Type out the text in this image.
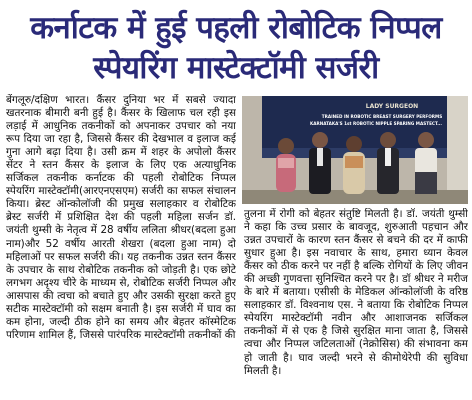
कर्नाटक में हुई पहली रोबोटिक निप्पल
स्पेयरिंग मास्टेक्टॉमी सर्जरी
बेंगलूरु/दक्षिण भारत। कैंसर दुनिया भर में सबसे ज्यादा खतरनाक बीमारी बनी हुई है। कैंसर के खिलाफ चल रही इस लड़ाई में आधुनिक तकनीकों को अपनाकर उपचार को नया रूप दिया जा रहा है, जिससे कैंसर की देखभाल व इलाज कई गुना आगे बढ़ा दिया है। उसी क्रम में शहर के अपोलो कैंसर सेंटर ने स्तन कैंसर के इलाज के लिए एक अत्याधुनिक सर्जिकल तकनीक कर्नाटक की पहली रोबोटिक निप्पल स्पेयरिंग मास्टेक्टॉमी(आरएनएसएम) सर्जरी का सफल संचालन किया। ब्रेस्ट ऑन्कोलॉजी की प्रमुख सलाहकार व रोबोटिक ब्रेस्ट सर्जरी में प्रशिक्षित देश की पहली महिला सर्जन डॉ. जयंती थुम्सी के नेतृत्व में 28 वर्षीय ललिता श्रीधर(बदला हुआ नाम)और 52 वर्षीय आरती शेखरा (बदला हुआ नाम) दो महिलाओं पर सफल सर्जरी की। यह तकनीक उन्नत स्तन कैंसर के उपचार के साथ रोबोटिक तकनीक को जोड़ती है। एक छोटे लगभग अदृश्य चीरे के माध्यम से, रोबोटिक सर्जरी निप्पल और आसपास की त्वचा को बचाते हुए और उसकी सुरक्षा करते हुए सटीक मास्टेक्टॉमी को सक्षम बनाती है। इस सर्जरी में घाव का कम होना, जल्दी ठीक होने का समय और बेहतर कॉस्मेटिक परिणाम शामिल हैं, जिससे पारंपरिक मास्टेक्टॉमी तकनीकों की
LADY SURGEON
TRAINED IN ROBOTIC BREAST SURGERY PERFORMS
KARNATAKA'S 1st ROBOTIC NIPPLE SPARING MASTECT...
तुलना में रोगी को बेहतर संतुष्टि मिलती है। डॉ. जयंती थुम्सी ने कहा कि उच्च प्रसार के बावजूद, शुरुआती पहचान और उन्नत उपचारों के कारण स्तन कैंसर से बचने की दर में काफी सुधार हुआ है। इस नवाचार के साथ, हमारा ध्यान केवल कैंसर को ठीक करने पर नहीं है बल्कि रोगियों के लिए जीवन की अच्छी गुणवत्ता सुनिश्चित करने पर है। डॉ श्रीधर ने मरीज के बारे में बताया। एसीसी के मेडिकल ऑन्कोलॉजी के वरिष्ठ सलाहकार डॉ. विश्वनाथ एस. ने बताया कि रोबोटिक निप्पल स्पेयरिंग मास्टेक्टॉमी नवीन और आशाजनक सर्जिकल तकनीकों में से एक है जिसे सुरक्षित माना जाता है, जिससे त्वचा और निप्पल जटिलताओं (नेक्रोसिस) की संभावना कम हो जाती है। घाव जल्दी भरने से कीमोथेरेपी की सुविधा मिलती है।
